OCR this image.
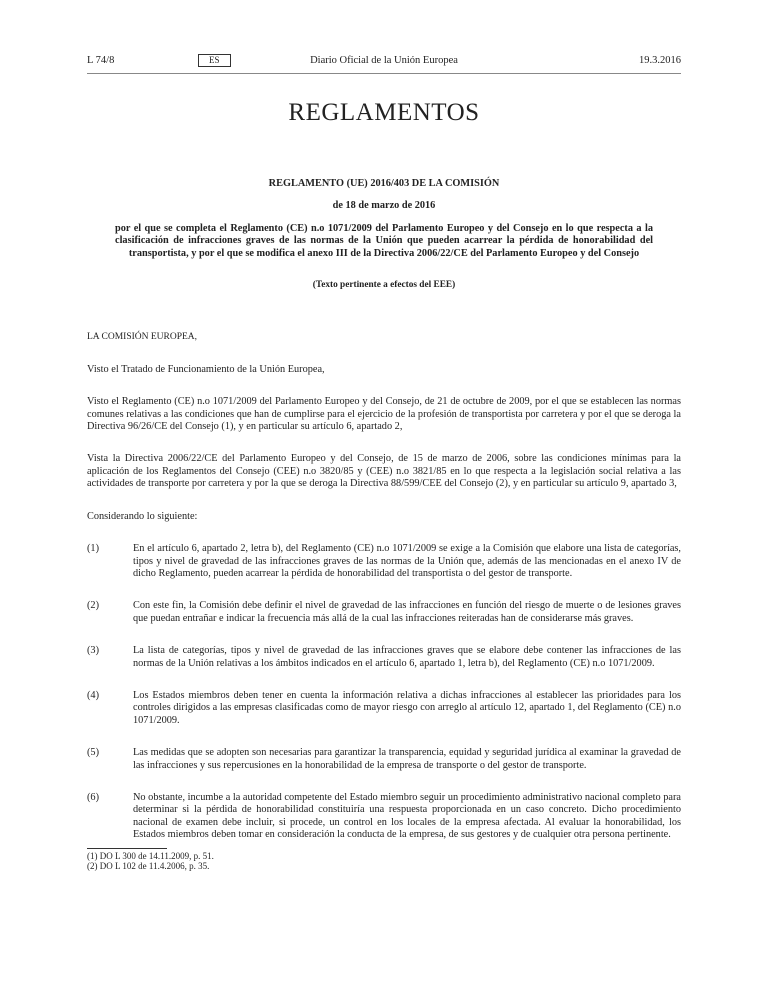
L 74/8	ES	Diario Oficial de la Unión Europea	19.3.2016
REGLAMENTOS
REGLAMENTO (UE) 2016/403 DE LA COMISIÓN
de 18 de marzo de 2016
por el que se completa el Reglamento (CE) n.o 1071/2009 del Parlamento Europeo y del Consejo en lo que respecta a la clasificación de infracciones graves de las normas de la Unión que pueden acarrear la pérdida de honorabilidad del transportista, y por el que se modifica el anexo III de la Directiva 2006/22/CE del Parlamento Europeo y del Consejo
(Texto pertinente a efectos del EEE)

LA COMISIÓN EUROPEA,

Visto el Tratado de Funcionamiento de la Unión Europea,

Visto el Reglamento (CE) n.o 1071/2009 del Parlamento Europeo y del Consejo, de 21 de octubre de 2009, por el que se establecen las normas comunes relativas a las condiciones que han de cumplirse para el ejercicio de la profesión de transportista por carretera y por el que se deroga la Directiva 96/26/CE del Consejo (1), y en particular su artículo 6, apartado 2,

Vista la Directiva 2006/22/CE del Parlamento Europeo y del Consejo, de 15 de marzo de 2006, sobre las condiciones mínimas para la aplicación de los Reglamentos del Consejo (CEE) n.o 3820/85 y (CEE) n.o 3821/85 en lo que respecta a la legislación social relativa a las actividades de transporte por carretera y por la que se deroga la Directiva 88/599/CEE del Consejo (2), y en particular su artículo 9, apartado 3,

Considerando lo siguiente:

(1)	En el artículo 6, apartado 2, letra b), del Reglamento (CE) n.o 1071/2009 se exige a la Comisión que elabore una lista de categorías, tipos y nivel de gravedad de las infracciones graves de las normas de la Unión que, además de las mencionadas en el anexo IV de dicho Reglamento, pueden acarrear la pérdida de honorabilidad del transportista o del gestor de transporte.
(2)	Con este fin, la Comisión debe definir el nivel de gravedad de las infracciones en función del riesgo de muerte o de lesiones graves que puedan entrañar e indicar la frecuencia más allá de la cual las infracciones reiteradas han de considerarse más graves.
(3)	La lista de categorías, tipos y nivel de gravedad de las infracciones graves que se elabore debe contener las infracciones de las normas de la Unión relativas a los ámbitos indicados en el artículo 6, apartado 1, letra b), del Reglamento (CE) n.o 1071/2009.
(4)	Los Estados miembros deben tener en cuenta la información relativa a dichas infracciones al establecer las prioridades para los controles dirigidos a las empresas clasificadas como de mayor riesgo con arreglo al artículo 12, apartado 1, del Reglamento (CE) n.o 1071/2009.
(5)	Las medidas que se adopten son necesarias para garantizar la transparencia, equidad y seguridad jurídica al examinar la gravedad de las infracciones y sus repercusiones en la honorabilidad de la empresa de transporte o del gestor de transporte.
(6)	No obstante, incumbe a la autoridad competente del Estado miembro seguir un procedimiento administrativo nacional completo para determinar si la pérdida de honorabilidad constituiría una respuesta proporcionada en un caso concreto. Dicho procedimiento nacional de examen debe incluir, si procede, un control en los locales de la empresa afectada. Al evaluar la honorabilidad, los Estados miembros deben tomar en consideración la conducta de la empresa, de sus gestores y de cualquier otra persona pertinente.
(1) DO L 300 de 14.11.2009, p. 51.
(2) DO L 102 de 11.4.2006, p. 35.
